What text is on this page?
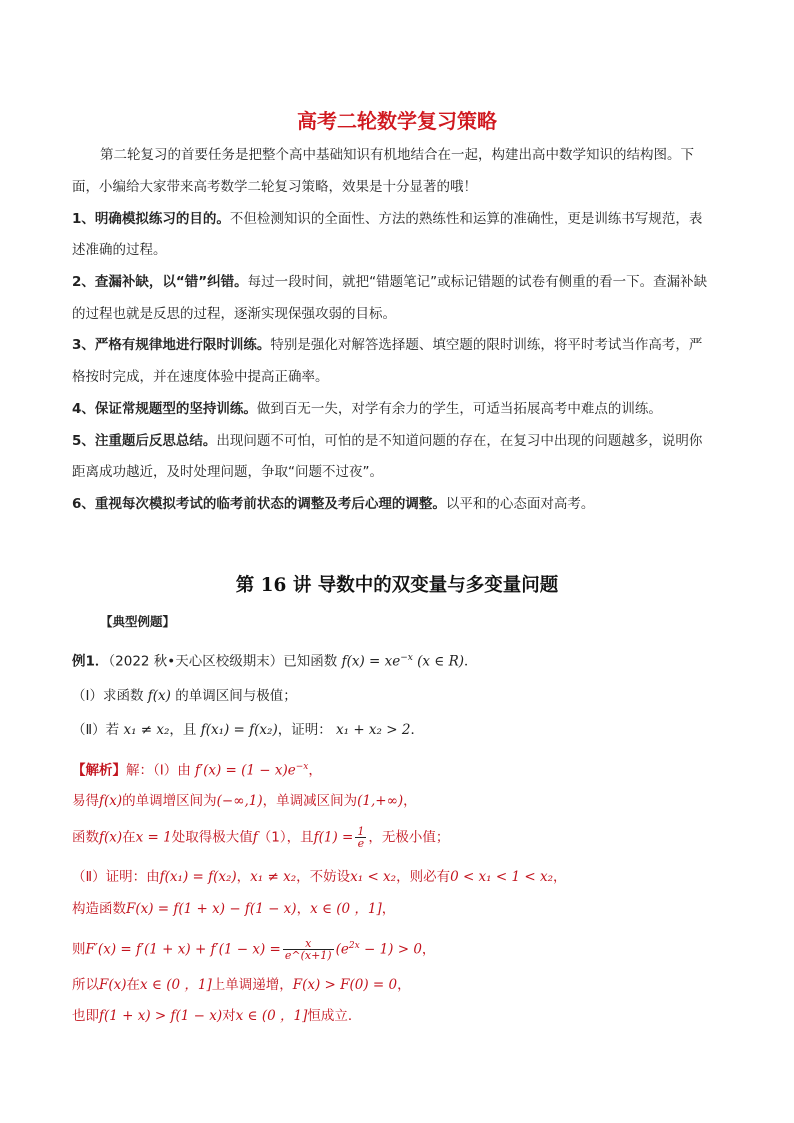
高考二轮数学复习策略
第二轮复习的首要任务是把整个高中基础知识有机地结合在一起，构建出高中数学知识的结构图。下
面，小编给大家带来高考数学二轮复习策略，效果是十分显著的哦！
1、明确模拟练习的目的。不但检测知识的全面性、方法的熟练性和运算的准确性，更是训练书写规范，表
述准确的过程。
2、查漏补缺，以“错”纠错。每过一段时间，就把“错题笔记”或标记错题的试卷有侧重的看一下。查漏补缺
的过程也就是反思的过程，逐渐实现保强攻弱的目标。
3、严格有规律地进行限时训练。特别是强化对解答选择题、填空题的限时训练，将平时考试当作高考，严
格按时完成，并在速度体验中提高正确率。
4、保证常规题型的坚持训练。做到百无一失，对学有余力的学生，可适当拓展高考中难点的训练。
5、注重题后反思总结。出现问题不可怕，可怕的是不知道问题的存在，在复习中出现的问题越多，说明你
距离成功越近，及时处理问题，争取“问题不过夜”。
6、重视每次模拟考试的临考前状态的调整及考后心理的调整。以平和的心态面对高考。
第 16 讲 导数中的双变量与多变量问题
【典型例题】
例1．（2022 秋•天心区校级期末）已知函数 $f(x) = xe^{-x}$ (x ∈ R)．
（Ⅰ）求函数 f(x) 的单调区间与极值；
（Ⅱ）若 x₁ ≠ x₂，且 f(x₁) = f(x₂)，证明： x₁ + x₂ > 2．
【解析】解：（Ⅰ）由 $f'(x) = (1 - x)e^{-x}$，
易得f(x)的单调增区间为(−∞,1)，单调减区间为(1,+∞)，
函数f(x)在x = 1处取得极大值f（1），且$f(1) = \frac{1}{e}$ ，无极小值；
（Ⅱ）证明：由f(x₁) = f(x₂)，x₁ ≠ x₂，不妨设x₁ < x₂，则必有0 < x₁ < 1 < x₂，
构造函数F(x) = f(1 + x) − f(1 − x)，x ∈ (0 ，1]，
则$F'(x) = f'(1 + x) + f'(1 - x) = \frac{x}{e\^{}(x+1)} (e^{2x} - 1) > 0$，
所以F(x)在x ∈ (0 ，1]上单调递增，F(x) > F(0) = 0，
也即f(1 + x) > f(1 − x)对x ∈ (0 ，1]恒成立．
